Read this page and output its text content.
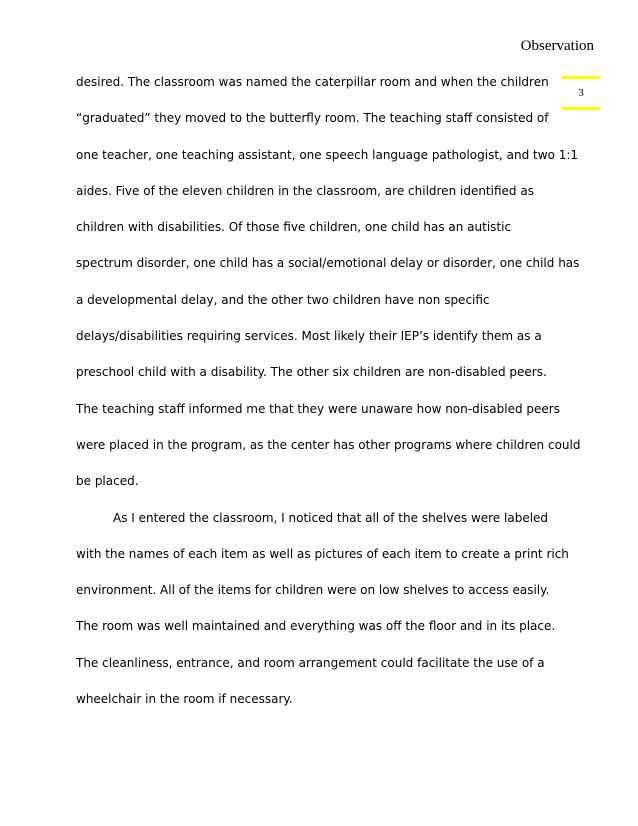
Observation
3
desired. The classroom was named the caterpillar room and when the children
“graduated” they moved to the butterfly room. The teaching staff consisted of
one teacher, one teaching assistant, one speech language pathologist, and two 1:1
aides. Five of the eleven children in the classroom, are children identified as
children with disabilities. Of those five children, one child has an autistic
spectrum disorder, one child has a social/emotional delay or disorder, one child has
a developmental delay, and the other two children have non specific
delays/disabilities requiring services. Most likely their IEP’s identify them as a
preschool child with a disability. The other six children are non-disabled peers.
The teaching staff informed me that they were unaware how non-disabled peers
were placed in the program, as the center has other programs where children could
be placed.
As I entered the classroom, I noticed that all of the shelves were labeled
with the names of each item as well as pictures of each item to create a print rich
environment. All of the items for children were on low shelves to access easily.
The room was well maintained and everything was off the floor and in its place.
The cleanliness, entrance, and room arrangement could facilitate the use of a
wheelchair in the room if necessary.
